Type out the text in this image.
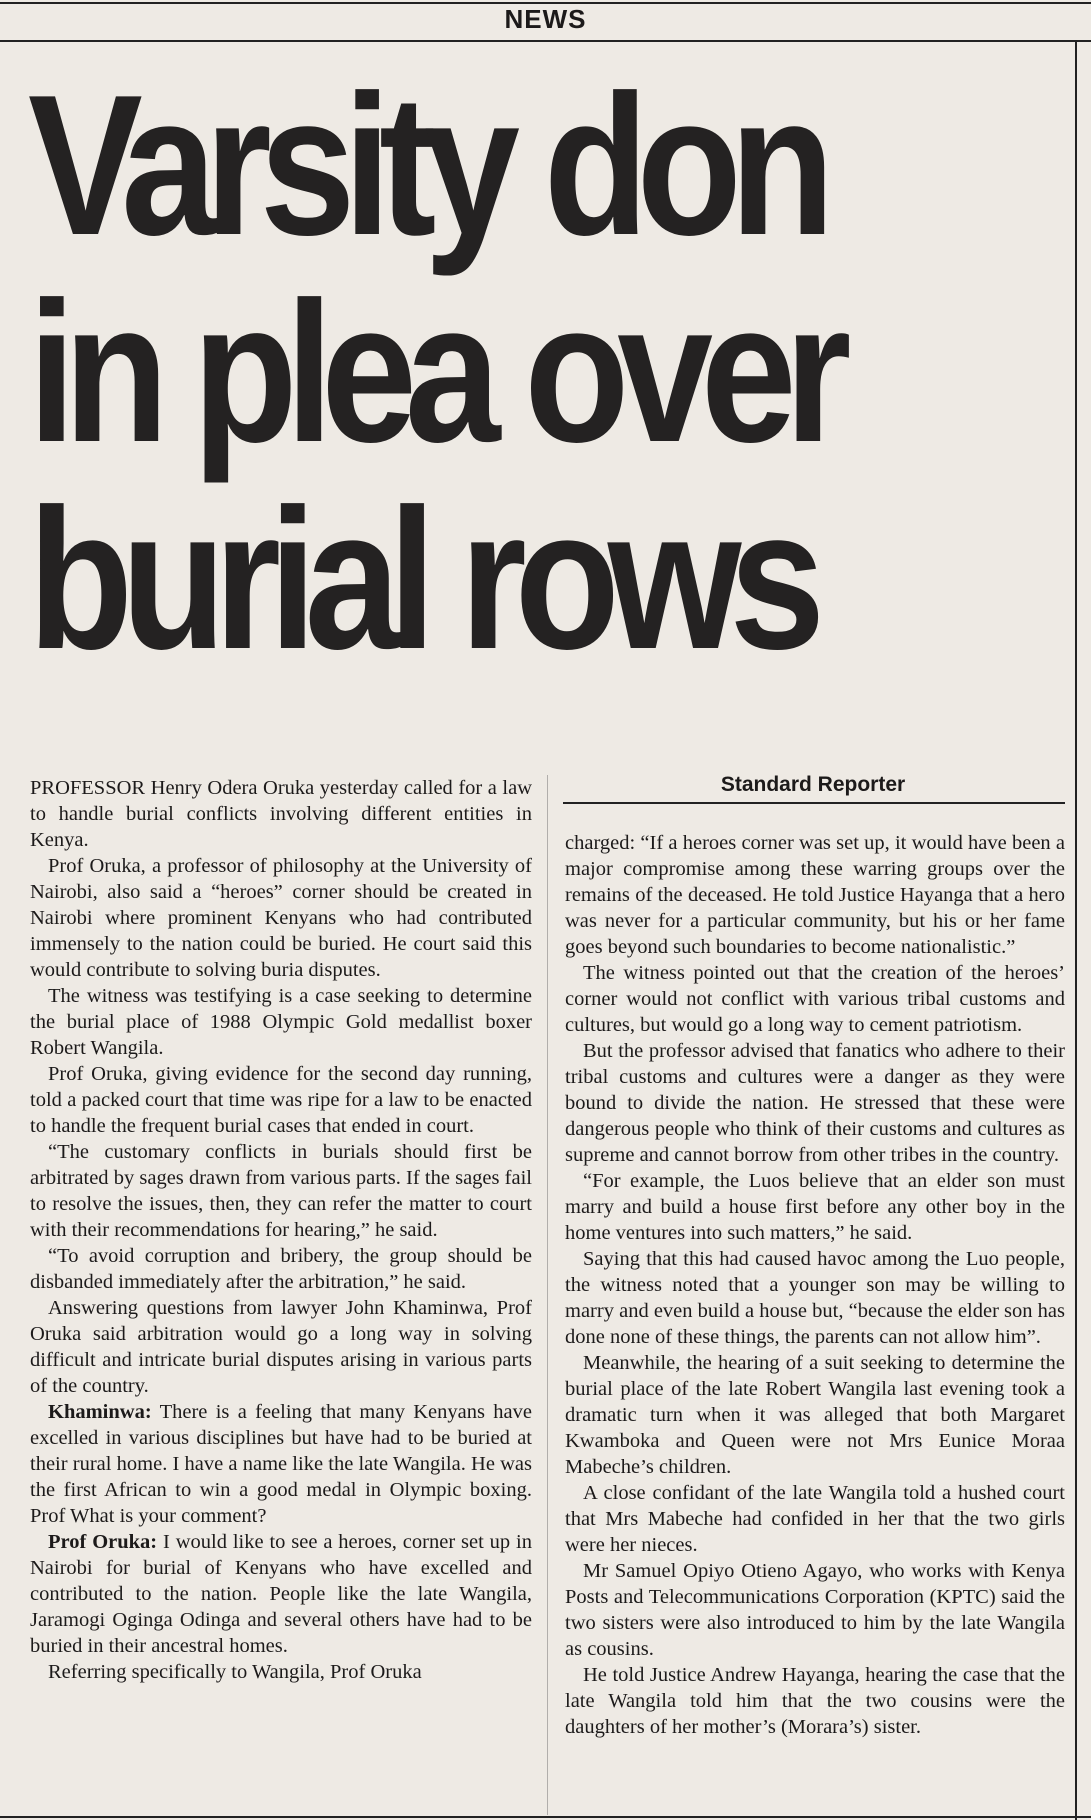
NEWS
Varsity don
in plea over
burial rows

PROFESSOR Henry Odera Oruka yesterday called for a law to handle burial conflicts involving different entities in Kenya.

Prof Oruka, a professor of philosophy at the University of Nairobi, also said a “heroes” corner should be created in Nairobi where prominent Kenyans who had contributed immensely to the nation could be buried. He court said this would contribute to solving buria disputes.

The witness was testifying is a case seeking to determine the burial place of 1988 Olympic Gold medallist boxer Robert Wangila.

Prof Oruka, giving evidence for the second day running, told a packed court that time was ripe for a law to be enacted to handle the frequent burial cases that ended in court.

“The customary conflicts in burials should first be arbitrated by sages drawn from various parts. If the sages fail to resolve the issues, then, they can refer the matter to court with their recommendations for hearing,” he said.

“To avoid corruption and bribery, the group should be disbanded immediately after the arbitration,” he said.

Answering questions from lawyer John Khaminwa, Prof Oruka said arbitration would go a long way in solving difficult and intricate burial disputes arising in various parts of the country.

Khaminwa: There is a feeling that many Kenyans have excelled in various disciplines but have had to be buried at their rural home. I have a name like the late Wangila. He was the first African to win a good medal in Olympic boxing. Prof What is your comment?

Prof Oruka: I would like to see a heroes, corner set up in Nairobi for burial of Kenyans who have excelled and contributed to the nation. People like the late Wangila, Jaramogi Oginga Odinga and several others have had to be buried in their ancestral homes.

Referring specifically to Wangila, Prof Oruka

Standard Reporter

charged: “If a heroes corner was set up, it would have been a major compromise among these warring groups over the remains of the deceased. He told Justice Hayanga that a hero was never for a particular community, but his or her fame goes beyond such boundaries to become nationalistic.”

The witness pointed out that the creation of the heroes’ corner would not conflict with various tribal customs and cultures, but would go a long way to cement patriotism.

But the professor advised that fanatics who adhere to their tribal customs and cultures were a danger as they were bound to divide the nation. He stressed that these were dangerous people who think of their customs and cultures as supreme and cannot borrow from other tribes in the country.

“For example, the Luos believe that an elder son must marry and build a house first before any other boy in the home ventures into such matters,” he said.

Saying that this had caused havoc among the Luo people, the witness noted that a younger son may be willing to marry and even build a house but, “because the elder son has done none of these things, the parents can not allow him”.

Meanwhile, the hearing of a suit seeking to determine the burial place of the late Robert Wangila last evening took a dramatic turn when it was alleged that both Margaret Kwamboka and Queen were not Mrs Eunice Moraa Mabeche’s children.

A close confidant of the late Wangila told a hushed court that Mrs Mabeche had confided in her that the two girls were her nieces.

Mr Samuel Opiyo Otieno Agayo, who works with Kenya Posts and Telecommunications Corporation (KPTC) said the two sisters were also introduced to him by the late Wangila as cousins.

He told Justice Andrew Hayanga, hearing the case that the late Wangila told him that the two cousins were the daughters of her mother’s (Morara’s) sister.
